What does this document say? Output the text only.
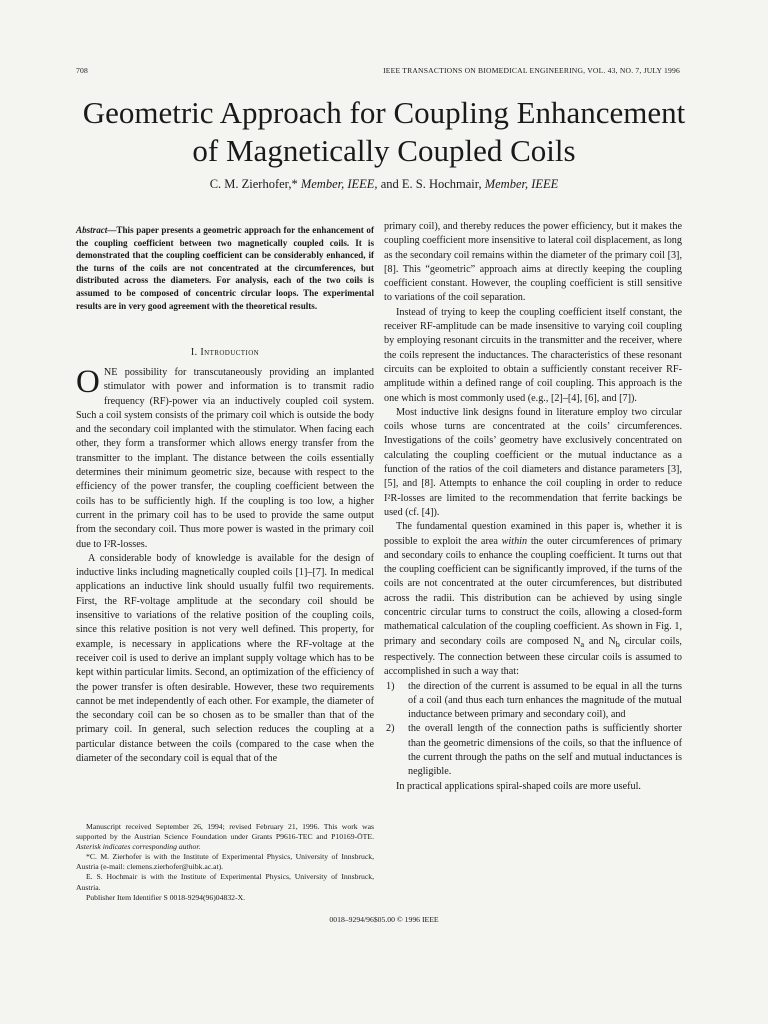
708	IEEE TRANSACTIONS ON BIOMEDICAL ENGINEERING, VOL. 43, NO. 7, JULY 1996
Geometric Approach for Coupling Enhancement
of Magnetically Coupled Coils
C. M. Zierhofer,* Member, IEEE, and E. S. Hochmair, Member, IEEE
Abstract—This paper presents a geometric approach for the enhancement of the coupling coefficient between two magnetically coupled coils. It is demonstrated that the coupling coefficient can be considerably enhanced, if the turns of the coils are not concentrated at the circumferences, but distributed across the diameters. For analysis, each of the two coils is assumed to be composed of concentric circular loops. The experimental results are in very good agreement with the theoretical results.
I. Introduction

ONE possibility for transcutaneously providing an implanted stimulator with power and information is to transmit radio frequency (RF)-power via an inductively coupled coil system. Such a coil system consists of the primary coil which is outside the body and the secondary coil implanted with the stimulator. When facing each other, they form a transformer which allows energy transfer from the transmitter to the implant. The distance between the coils essentially determines their minimum geometric size, because with respect to the efficiency of the power transfer, the coupling coefficient between the coils has to be sufficiently high. If the coupling is too low, a higher current in the primary coil has to be used to provide the same output from the secondary coil. Thus more power is wasted in the primary coil due to I²R-losses.

A considerable body of knowledge is available for the design of inductive links including magnetically coupled coils [1]–[7]. In medical applications an inductive link should usually fulfil two requirements. First, the RF-voltage amplitude at the secondary coil should be insensitive to variations of the relative position of the coupling coils, since this relative position is not very well defined. This property, for example, is necessary in applications where the RF-voltage at the receiver coil is used to derive an implant supply voltage which has to be kept within particular limits. Second, an optimization of the efficiency of the power transfer is often desirable. However, these two requirements cannot be met independently of each other. For example, the diameter of the secondary coil can be so chosen as to be smaller than that of the primary coil. In general, such selection reduces the coupling at a particular distance between the coils (compared to the case when the diameter of the secondary coil is equal that of the

Manuscript received September 26, 1994; revised February 21, 1996. This work was supported by the Austrian Science Foundation under Grants P9616-TEC and P10169-ÖTE. Asterisk indicates corresponding author.

*C. M. Zierhofer is with the Institute of Experimental Physics, University of Innsbruck, Austria (e-mail: clemens.zierhofer@uibk.ac.at).

E. S. Hochmair is with the Institute of Experimental Physics, University of Innsbruck, Austria.

Publisher Item Identifier S 0018-9294(96)04832-X.

primary coil), and thereby reduces the power efficiency, but it makes the coupling coefficient more insensitive to lateral coil displacement, as long as the secondary coil remains within the diameter of the primary coil [3], [8]. This “geometric” approach aims at directly keeping the coupling coefficient constant. However, the coupling coefficient is still sensitive to variations of the coil separation.

Instead of trying to keep the coupling coefficient itself constant, the receiver RF-amplitude can be made insensitive to varying coil coupling by employing resonant circuits in the transmitter and the receiver, where the coils represent the inductances. The characteristics of these resonant circuits can be exploited to obtain a sufficiently constant receiver RF-amplitude within a defined range of coil coupling. This approach is the one which is most commonly used (e.g., [2]–[4], [6], and [7]).

Most inductive link designs found in literature employ two circular coils whose turns are concentrated at the coils’ circumferences. Investigations of the coils’ geometry have exclusively concentrated on calculating the coupling coefficient or the mutual inductance as a function of the ratios of the coil diameters and distance parameters [3], [5], and [8]. Attempts to enhance the coil coupling in order to reduce I²R-losses are limited to the recommendation that ferrite backings be used (cf. [4]).

The fundamental question examined in this paper is, whether it is possible to exploit the area within the outer circumferences of primary and secondary coils to enhance the coupling coefficient. It turns out that the coupling coefficient can be significantly improved, if the turns of the coils are not concentrated at the outer circumferences, but distributed across the radii. This distribution can be achieved by using single concentric circular turns to construct the coils, allowing a closed-form mathematical calculation of the coupling coefficient. As shown in Fig. 1, primary and secondary coils are composed $N_a$ and $N_b$ circular coils, respectively. The connection between these circular coils is assumed to accomplished in such a way that:

1) the direction of the current is assumed to be equal in all the turns of a coil (and thus each turn enhances the magnitude of the mutual inductance between primary and secondary coil), and
2) the overall length of the connection paths is sufficiently shorter than the geometric dimensions of the coils, so that the influence of the current through the paths on the self and mutual inductances is negligible.

In practical applications spiral-shaped coils are more useful.

0018–9294/96$05.00 © 1996 IEEE
